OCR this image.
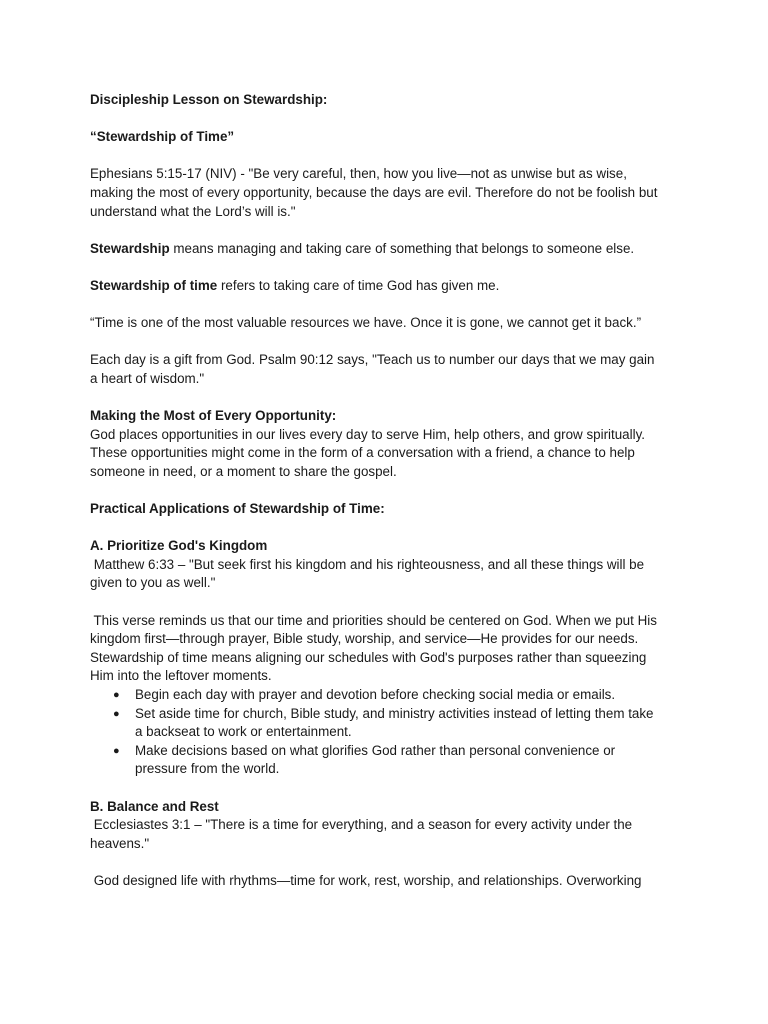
Discipleship Lesson on Stewardship:
“Stewardship of Time”
Ephesians 5:15-17 (NIV) - "Be very careful, then, how you live—not as unwise but as wise,
making the most of every opportunity, because the days are evil. Therefore do not be foolish but
understand what the Lord’s will is."
Stewardship means managing and taking care of something that belongs to someone else.
Stewardship of time refers to taking care of time God has given me.
“Time is one of the most valuable resources we have. Once it is gone, we cannot get it back.”
Each day is a gift from God. Psalm 90:12 says, "Teach us to number our days that we may gain
a heart of wisdom."
Making the Most of Every Opportunity:
God places opportunities in our lives every day to serve Him, help others, and grow spiritually.
These opportunities might come in the form of a conversation with a friend, a chance to help
someone in need, or a moment to share the gospel.
Practical Applications of Stewardship of Time:
A. Prioritize God's Kingdom
Matthew 6:33 – "But seek first his kingdom and his righteousness, and all these things will be
given to you as well."
This verse reminds us that our time and priorities should be centered on God. When we put His
kingdom first—through prayer, Bible study, worship, and service—He provides for our needs.
Stewardship of time means aligning our schedules with God's purposes rather than squeezing
Him into the leftover moments.
● Begin each day with prayer and devotion before checking social media or emails.
● Set aside time for church, Bible study, and ministry activities instead of letting them take
a backseat to work or entertainment.
● Make decisions based on what glorifies God rather than personal convenience or
pressure from the world.
B. Balance and Rest
Ecclesiastes 3:1 – "There is a time for everything, and a season for every activity under the
heavens."
God designed life with rhythms—time for work, rest, worship, and relationships. Overworking
